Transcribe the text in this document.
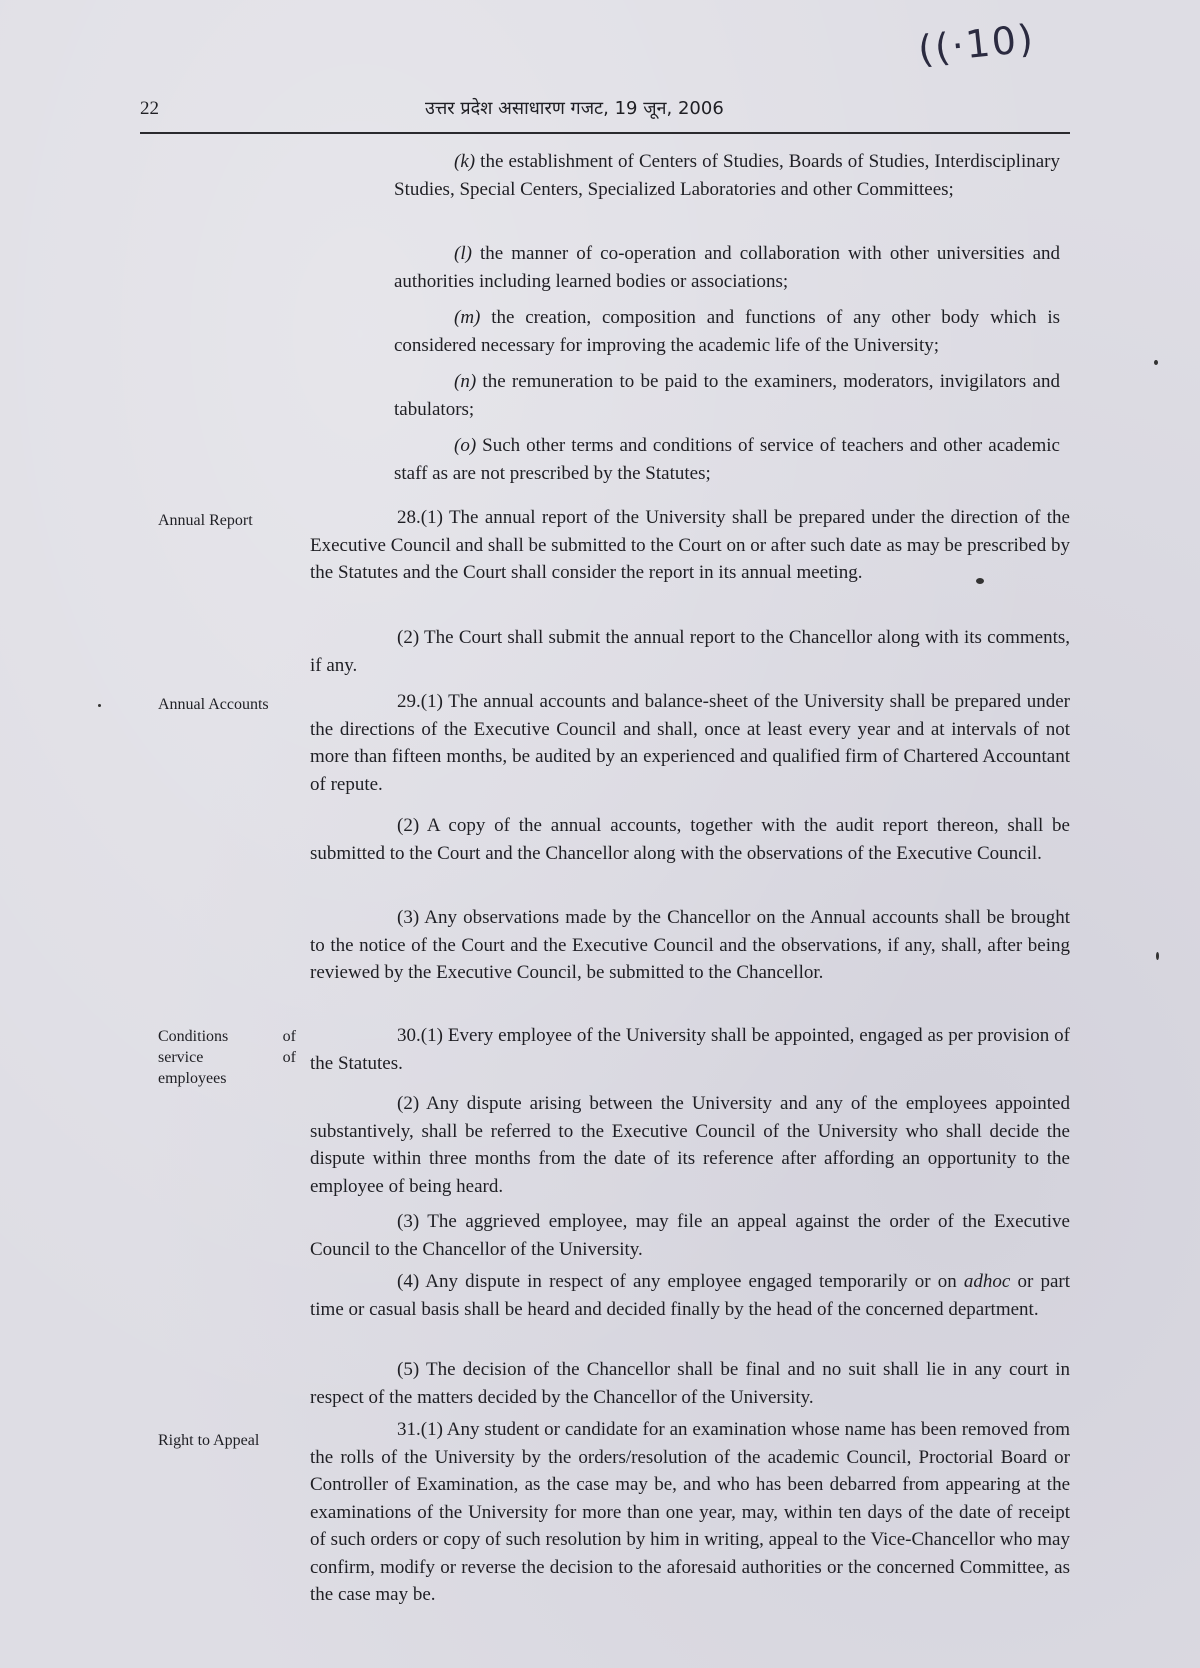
((·10)
22	उत्तर प्रदेश असाधारण गजट, 19 जून, 2006

(k) the establishment of Centers of Studies, Boards of Studies, Interdisciplinary Studies, Special Centers, Specialized Laboratories and other Committees;

(l) the manner of co-operation and collaboration with other universities and authorities including learned bodies or associations;

(m) the creation, composition and functions of any other body which is considered necessary for improving the academic life of the University;

(n) the remuneration to be paid to the examiners, moderators, invigilators and tabulators;

(o) Such other terms and conditions of service of teachers and other academic staff as are not prescribed by the Statutes;

Annual Report	28.(1) The annual report of the University shall be prepared under the direction of the Executive Council and shall be submitted to the Court on or after such date as may be prescribed by the Statutes and the Court shall consider the report in its annual meeting.

(2) The Court shall submit the annual report to the Chancellor along with its comments, if any.

Annual Accounts	29.(1) The annual accounts and balance-sheet of the University shall be prepared under the directions of the Executive Council and shall, once at least every year and at intervals of not more than fifteen months, be audited by an experienced and qualified firm of Chartered Accountant of repute.

(2) A copy of the annual accounts, together with the audit report thereon, shall be submitted to the Court and the Chancellor along with the observations of the Executive Council.

(3) Any observations made by the Chancellor on the Annual accounts shall be brought to the notice of the Court and the Executive Council and the observations, if any, shall, after being reviewed by the Executive Council, be submitted to the Chancellor.

Conditions	of
service	of
employees

30.(1) Every employee of the University shall be appointed, engaged as per provision of the Statutes.

(2) Any dispute arising between the University and any of the employees appointed substantively, shall be referred to the Executive Council of the University who shall decide the dispute within three months from the date of its reference after affording an opportunity to the employee of being heard.

(3) The aggrieved employee, may file an appeal against the order of the Executive Council to the Chancellor of the University.

(4) Any dispute in respect of any employee engaged temporarily or on adhoc or part time or casual basis shall be heard and decided finally by the head of the concerned department.

(5) The decision of the Chancellor shall be final and no suit shall lie in any court in respect of the matters decided by the Chancellor of the University.

Right to Appeal

31.(1) Any student or candidate for an examination whose name has been removed from the rolls of the University by the orders/resolution of the academic Council, Proctorial Board or Controller of Examination, as the case may be, and who has been debarred from appearing at the examinations of the University for more than one year, may, within ten days of the date of receipt of such orders or copy of such resolution by him in writing, appeal to the Vice-Chancellor who may confirm, modify or reverse the decision to the aforesaid authorities or the concerned Committee, as the case may be.
